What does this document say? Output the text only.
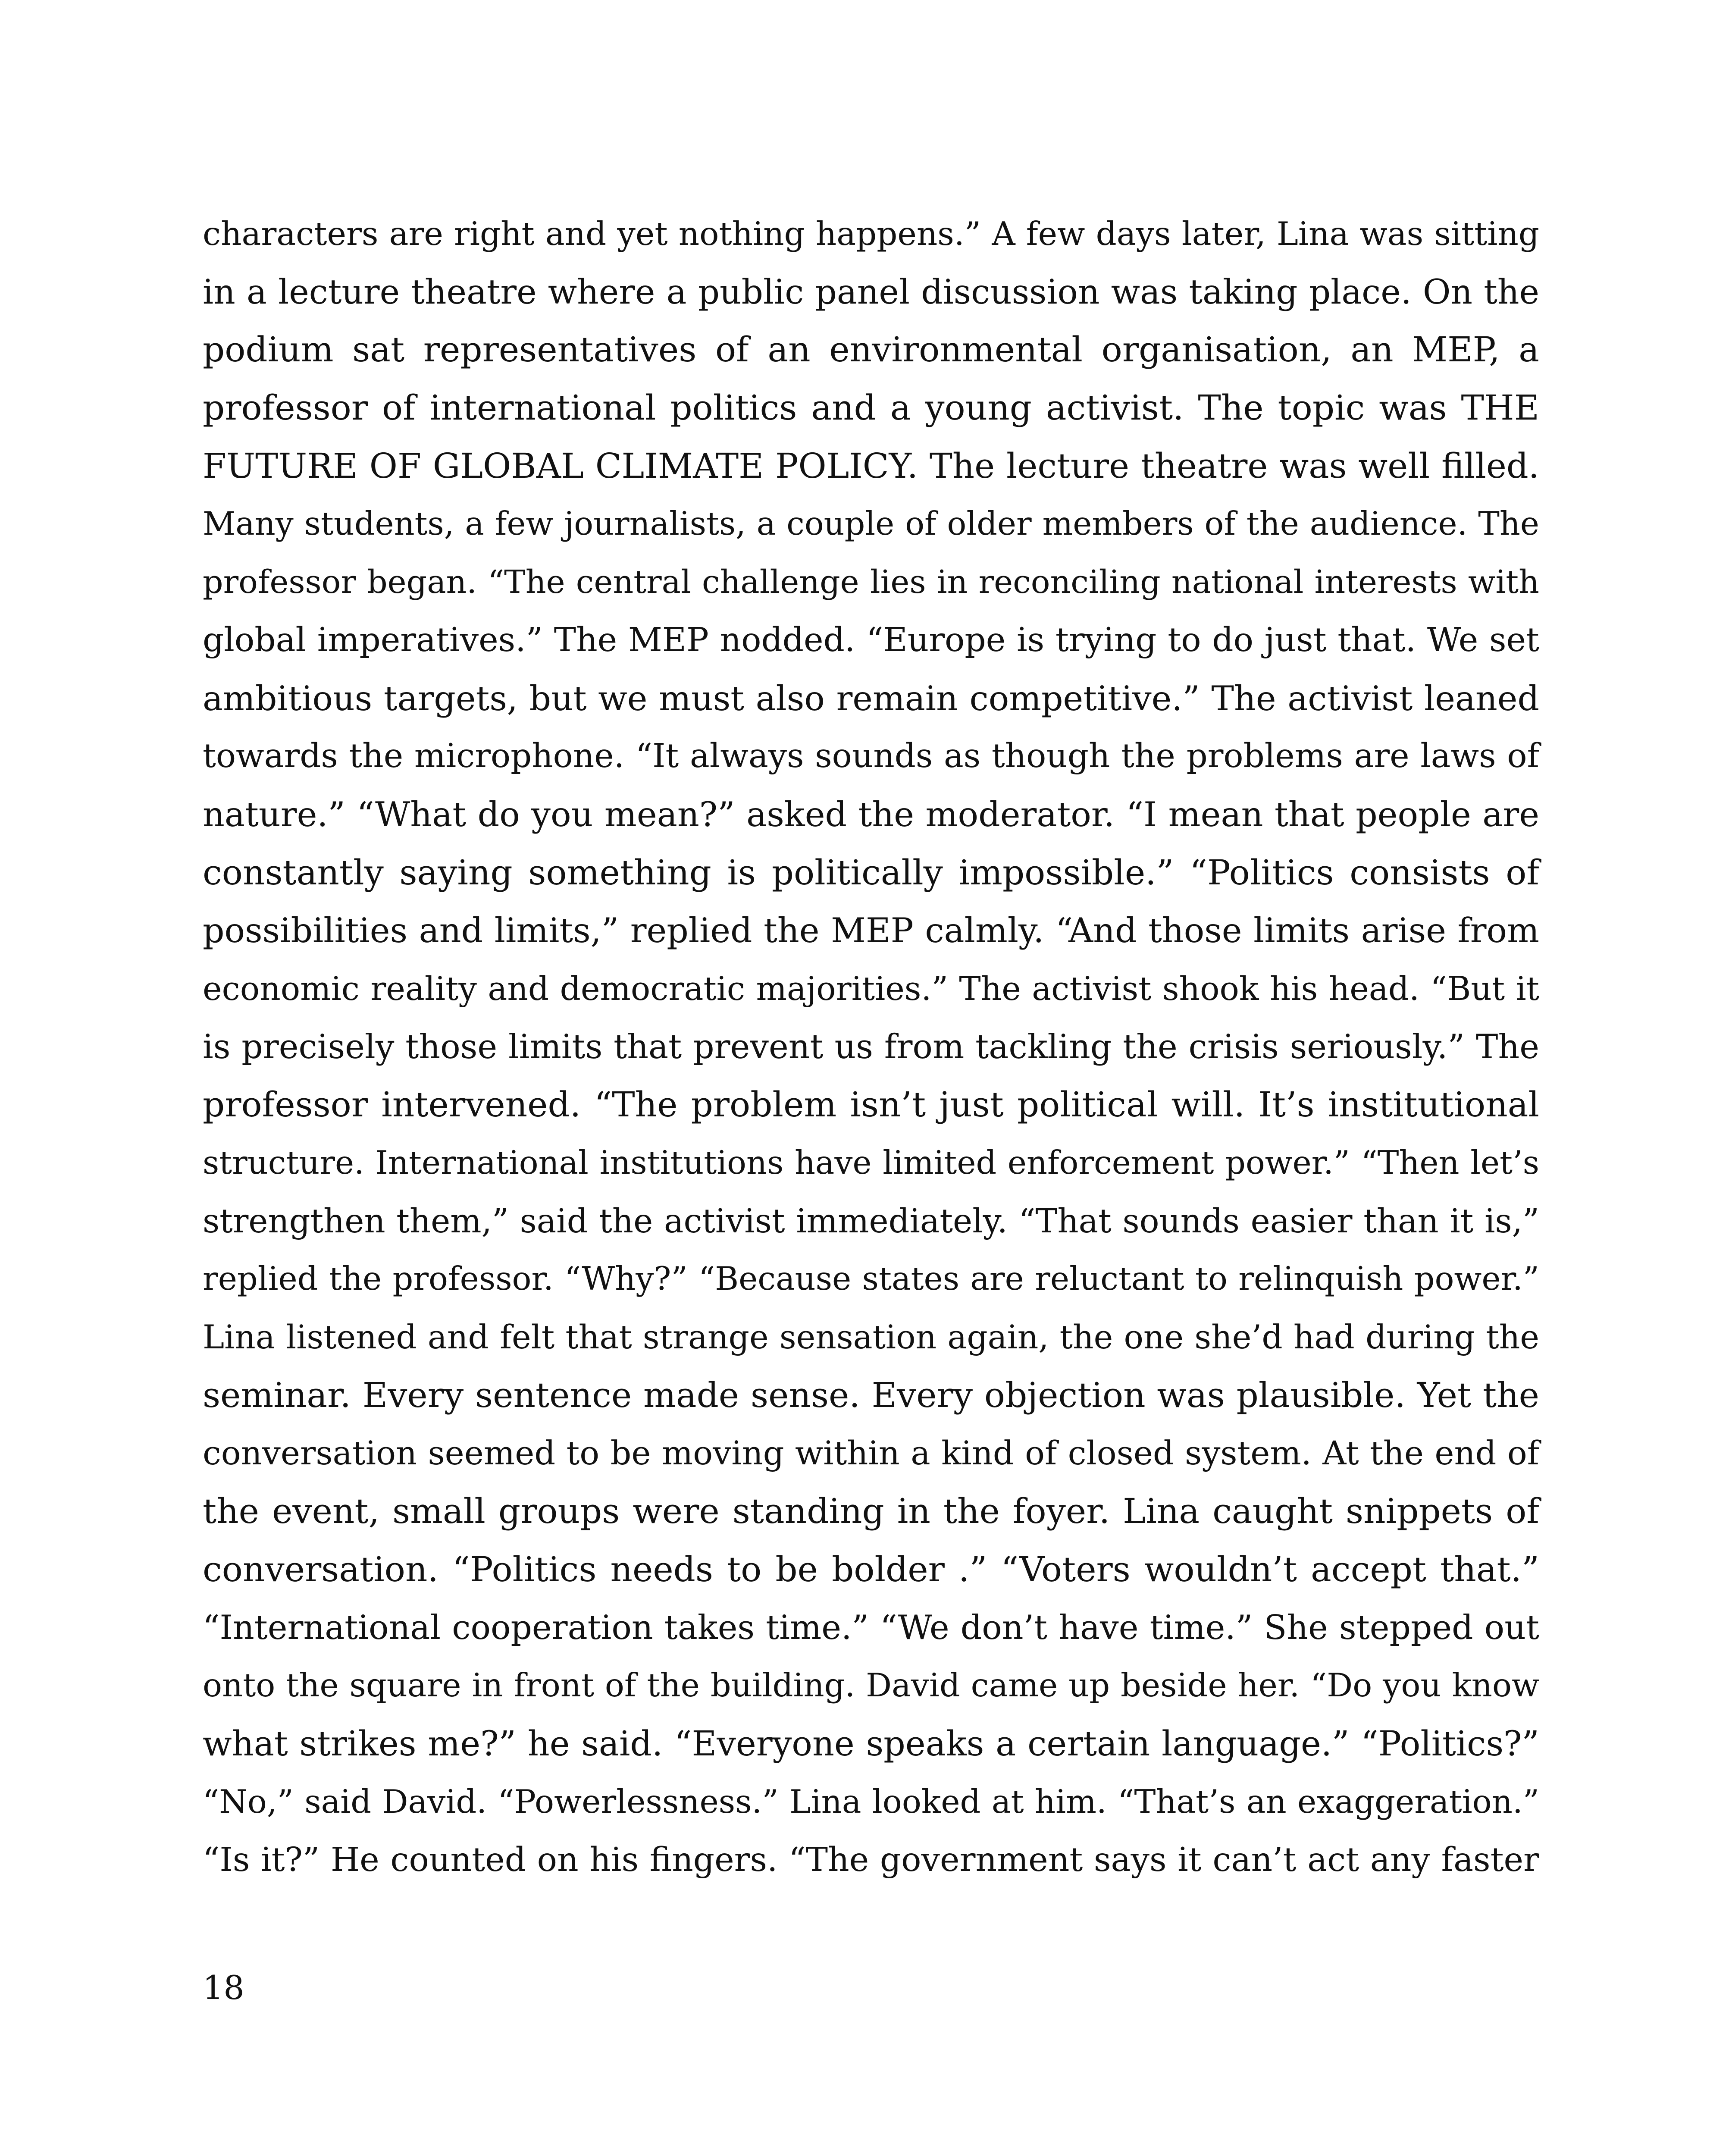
characters are right and yet nothing happens.” A few days later, Lina was sitting
in a lecture theatre where a public panel discussion was taking place. On the
podium sat representatives of an environmental organisation, an MEP, a
professor of international politics and a young activist. The topic was THE
FUTURE OF GLOBAL CLIMATE POLICY. The lecture theatre was well filled.
Many students, a few journalists, a couple of older members of the audience. The
professor began. “The central challenge lies in reconciling national interests with
global imperatives.” The MEP nodded. “Europe is trying to do just that. We set
ambitious targets, but we must also remain competitive.” The activist leaned
towards the microphone. “It always sounds as though the problems are laws of
nature.” “What do you mean?” asked the moderator. “I mean that people are
constantly saying something is politically impossible.” “Politics consists of
possibilities and limits,” replied the MEP calmly. “And those limits arise from
economic reality and democratic majorities.” The activist shook his head. “But it
is precisely those limits that prevent us from tackling the crisis seriously.” The
professor intervened. “The problem isn’t just political will. It’s institutional
structure. International institutions have limited enforcement power.” “Then let’s
strengthen them,” said the activist immediately. “That sounds easier than it is,”
replied the professor. “Why?” “Because states are reluctant to relinquish power.”
Lina listened and felt that strange sensation again, the one she’d had during the
seminar. Every sentence made sense. Every objection was plausible. Yet the
conversation seemed to be moving within a kind of closed system. At the end of
the event, small groups were standing in the foyer. Lina caught snippets of
conversation. “Politics needs to be bolder .” “Voters wouldn’t accept that.”
“International cooperation takes time.” “We don’t have time.” She stepped out
onto the square in front of the building. David came up beside her. “Do you know
what strikes me?” he said. “Everyone speaks a certain language.” “Politics?”
“No,” said David. “Powerlessness.” Lina looked at him. “That’s an exaggeration.”
“Is it?” He counted on his fingers. “The government says it can’t act any faster
18
